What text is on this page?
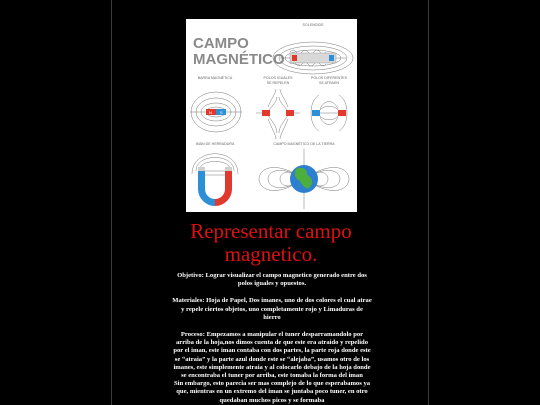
CAMPO
MAGNÉTICO
SOLENOIDE
BARRA MAGNÉTICA
N S
POLOS IGUALES
SE REPELEN
POLOS DIFERENTES
SE ATRAEN
IMÁN DE HERRADURA	CAMPO MAGNÉTICO DE LA TIERRA
Representar campo
magnetico.

Objetivo: Lograr visualizar el campo magnetico generado entre dos polos iguales y opuestos.

Materiales: Hoja de Papel, Dos imanes, uno de dos colores el cual atrae y repele ciertos objetos, uno completamente rojo y Limaduras de hierro

Proceso: Empezamos a manipular el tuner desparramandolo por arriba de la hoja,nos dimos cuenta de que este era atraido y repelido por el iman, este iman contaba con dos partes, la parte roja donde este se “atraia” y la parte azul donde este se “alejaba”, usamos otro de los imanes, este simplemente atraia y al colocarlo debajo de la hoja donde se encontraba el tuner por arriba, este tomaba la forma del iman

Sin embargo, esto parecia ser mas complejo de lo que esperabamos ya que, mientras en un extremo del iman se juntaba poco tuner, en otro quedaban muchos picos y se formaba
